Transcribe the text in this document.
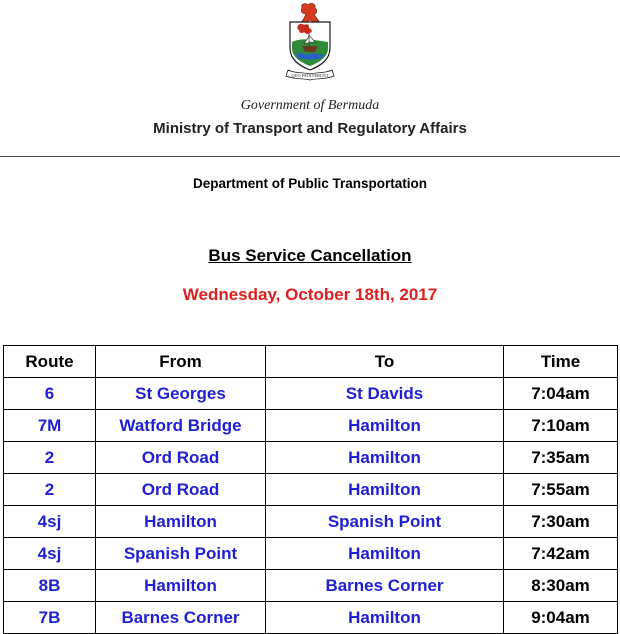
QUO FATA FERUNT
Government of Bermuda
Ministry of Transport and Regulatory Affairs
Department of Public Transportation
Bus Service Cancellation
Wednesday, October 18th, 2017
Route	From	To	Time
6	St Georges	St Davids	7:04am
7M	Watford Bridge	Hamilton	7:10am
2	Ord Road	Hamilton	7:35am
2	Ord Road	Hamilton	7:55am
4sj	Hamilton	Spanish Point	7:30am
4sj	Spanish Point	Hamilton	7:42am
8B	Hamilton	Barnes Corner	8:30am
7B	Barnes Corner	Hamilton	9:04am
